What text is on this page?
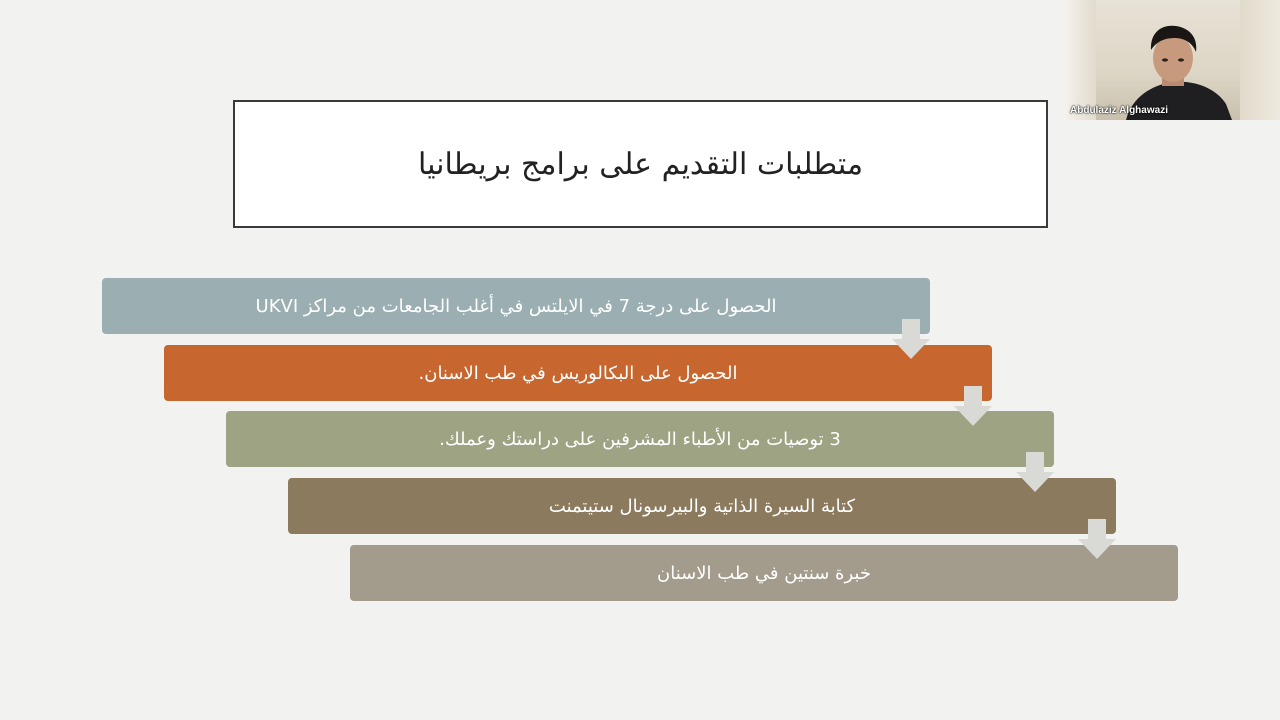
متطلبات التقديم على برامج بريطانيا
الحصول على درجة 7 في الايلتس في أغلب الجامعات من مراكز UKVI
الحصول على البكالوريس في طب الاسنان.
3 توصيات من الأطباء المشرفين على دراستك وعملك.
كتابة السيرة الذاتية والبيرسونال ستيتمنت
خبرة سنتين في طب الاسنان
Abdulaziz Alghawazi
